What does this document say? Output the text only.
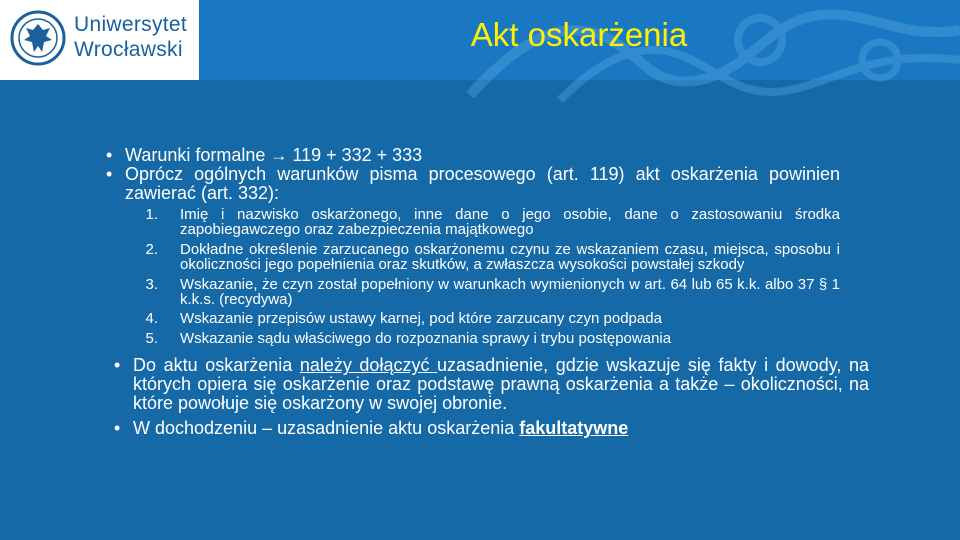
Uniwersytet
Wrocławski	Akt oskarżenia
• Warunki formalne → 119 + 332 + 333
• Oprócz ogólnych warunków pisma procesowego (art. 119) akt oskarżenia powinien zawierać (art. 332):
1. Imię i nazwisko oskarżonego, inne dane o jego osobie, dane o zastosowaniu środka zapobiegawczego oraz zabezpieczenia majątkowego
2. Dokładne określenie zarzucanego oskarżonemu czynu ze wskazaniem czasu, miejsca, sposobu i okoliczności jego popełnienia oraz skutków, a zwłaszcza wysokości powstałej szkody
3. Wskazanie, że czyn został popełniony w warunkach wymienionych w art. 64 lub 65 k.k. albo 37 § 1 k.k.s. (recydywa)
4. Wskazanie przepisów ustawy karnej, pod które zarzucany czyn podpada
5. Wskazanie sądu właściwego do rozpoznania sprawy i trybu postępowania
• Do aktu oskarżenia należy dołączyć uzasadnienie, gdzie wskazuje się fakty i dowody, na których opiera się oskarżenie oraz podstawę prawną oskarżenia a także – okoliczności, na które powołuje się oskarżony w swojej obronie.
• W dochodzeniu – uzasadnienie aktu oskarżenia fakultatywne
